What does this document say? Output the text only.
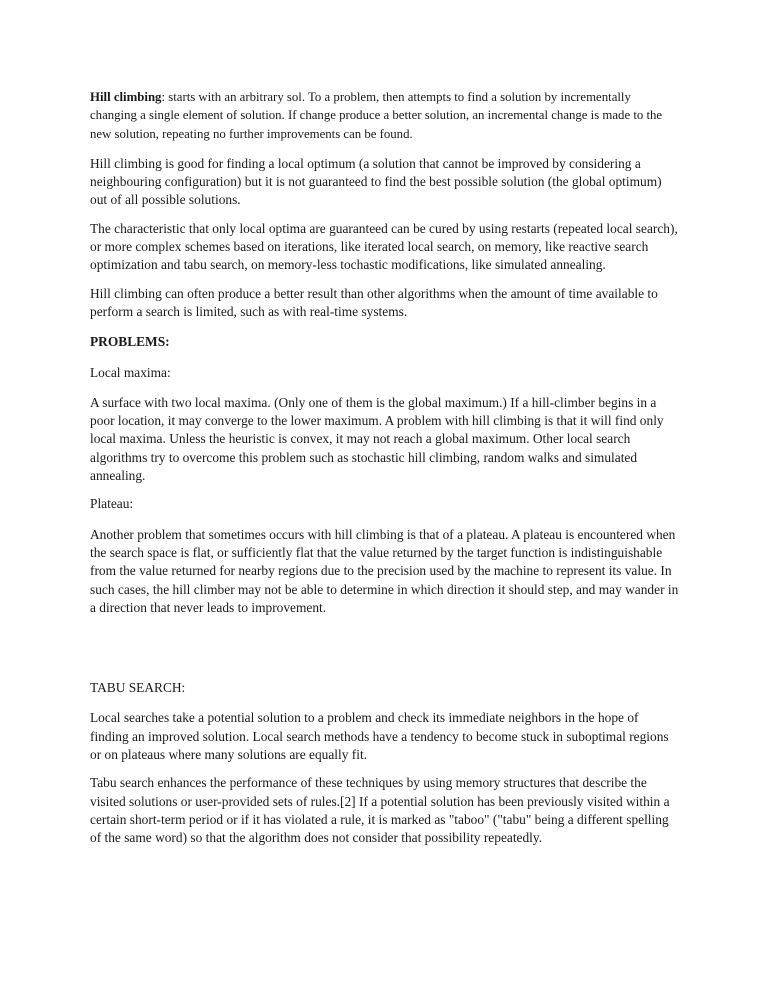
Hill climbing: starts with an arbitrary sol. To a problem, then attempts to find a solution by incrementally changing a single element of solution. If change produce a better solution, an incremental change is made to the new solution, repeating no further improvements can be found.

Hill climbing is good for finding a local optimum (a solution that cannot be improved by considering a neighbouring configuration) but it is not guaranteed to find the best possible solution (the global optimum) out of all possible solutions.

The characteristic that only local optima are guaranteed can be cured by using restarts (repeated local search), or more complex schemes based on iterations, like iterated local search, on memory, like reactive search optimization and tabu search, on memory-less tochastic modifications, like simulated annealing.

Hill climbing can often produce a better result than other algorithms when the amount of time available to perform a search is limited, such as with real-time systems.

PROBLEMS:

Local maxima:

A surface with two local maxima. (Only one of them is the global maximum.) If a hill-climber begins in a poor location, it may converge to the lower maximum. A problem with hill climbing is that it will find only local maxima. Unless the heuristic is convex, it may not reach a global maximum. Other local search algorithms try to overcome this problem such as stochastic hill climbing, random walks and simulated annealing.

Plateau:

Another problem that sometimes occurs with hill climbing is that of a plateau. A plateau is encountered when the search space is flat, or sufficiently flat that the value returned by the target function is indistinguishable from the value returned for nearby regions due to the precision used by the machine to represent its value. In such cases, the hill climber may not be able to determine in which direction it should step, and may wander in a direction that never leads to improvement.

TABU SEARCH:

Local searches take a potential solution to a problem and check its immediate neighbors in the hope of finding an improved solution. Local search methods have a tendency to become stuck in suboptimal regions or on plateaus where many solutions are equally fit.

Tabu search enhances the performance of these techniques by using memory structures that describe the visited solutions or user-provided sets of rules.[2] If a potential solution has been previously visited within a certain short-term period or if it has violated a rule, it is marked as "taboo" ("tabu" being a different spelling of the same word) so that the algorithm does not consider that possibility repeatedly.
